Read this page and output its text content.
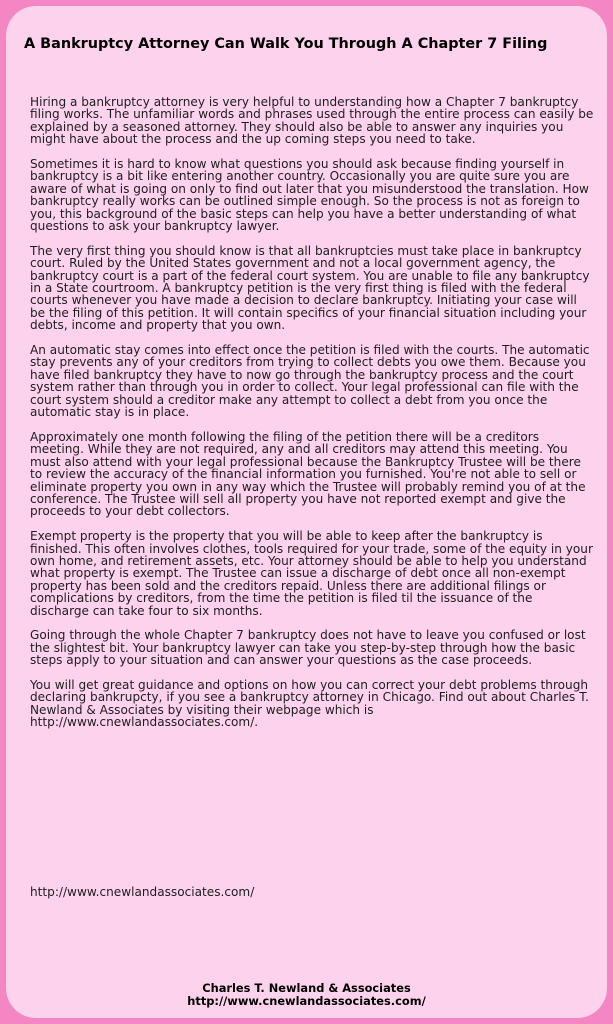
A Bankruptcy Attorney Can Walk You Through A Chapter 7 Filing

Hiring a bankruptcy attorney is very helpful to understanding how a Chapter 7 bankruptcy filing works. The unfamiliar words and phrases used through the entire process can easily be explained by a seasoned attorney. They should also be able to answer any inquiries you might have about the process and the up coming steps you need to take.

Sometimes it is hard to know what questions you should ask because finding yourself in bankruptcy is a bit like entering another country. Occasionally you are quite sure you are aware of what is going on only to find out later that you misunderstood the translation. How bankruptcy really works can be outlined simple enough. So the process is not as foreign to you, this background of the basic steps can help you have a better understanding of what questions to ask your bankruptcy lawyer.

The very first thing you should know is that all bankruptcies must take place in bankruptcy court. Ruled by the United States government and not a local government agency, the bankruptcy court is a part of the federal court system. You are unable to file any bankruptcy in a State courtroom. A bankruptcy petition is the very first thing is filed with the federal courts whenever you have made a decision to declare bankruptcy. Initiating your case will be the filing of this petition. It will contain specifics of your financial situation including your debts, income and property that you own.

An automatic stay comes into effect once the petition is filed with the courts. The automatic stay prevents any of your creditors from trying to collect debts you owe them. Because you have filed bankruptcy they have to now go through the bankruptcy process and the court system rather than through you in order to collect. Your legal professional can file with the court system should a creditor make any attempt to collect a debt from you once the automatic stay is in place.

Approximately one month following the filing of the petition there will be a creditors meeting. While they are not required, any and all creditors may attend this meeting. You must also attend with your legal professional because the Bankruptcy Trustee will be there to review the accuracy of the financial information you furnished. You're not able to sell or eliminate property you own in any way which the Trustee will probably remind you of at the conference. The Trustee will sell all property you have not reported exempt and give the proceeds to your debt collectors.

Exempt property is the property that you will be able to keep after the bankruptcy is finished. This often involves clothes, tools required for your trade, some of the equity in your own home, and retirement assets, etc. Your attorney should be able to help you understand what property is exempt. The Trustee can issue a discharge of debt once all non-exempt property has been sold and the creditors repaid. Unless there are additional filings or complications by creditors, from the time the petition is filed til the issuance of the discharge can take four to six months.

Going through the whole Chapter 7 bankruptcy does not have to leave you confused or lost the slightest bit. Your bankruptcy lawyer can take you step-by-step through how the basic steps apply to your situation and can answer your questions as the case proceeds.

You will get great guidance and options on how you can correct your debt problems through declaring bankrupcty, if you see a bankruptcy attorney in Chicago. Find out about Charles T. Newland & Associates by visiting their webpage which is http://www.cnewlandassociates.com/.

http://www.cnewlandassociates.com/
Charles T. Newland & Associates
http://www.cnewlandassociates.com/
